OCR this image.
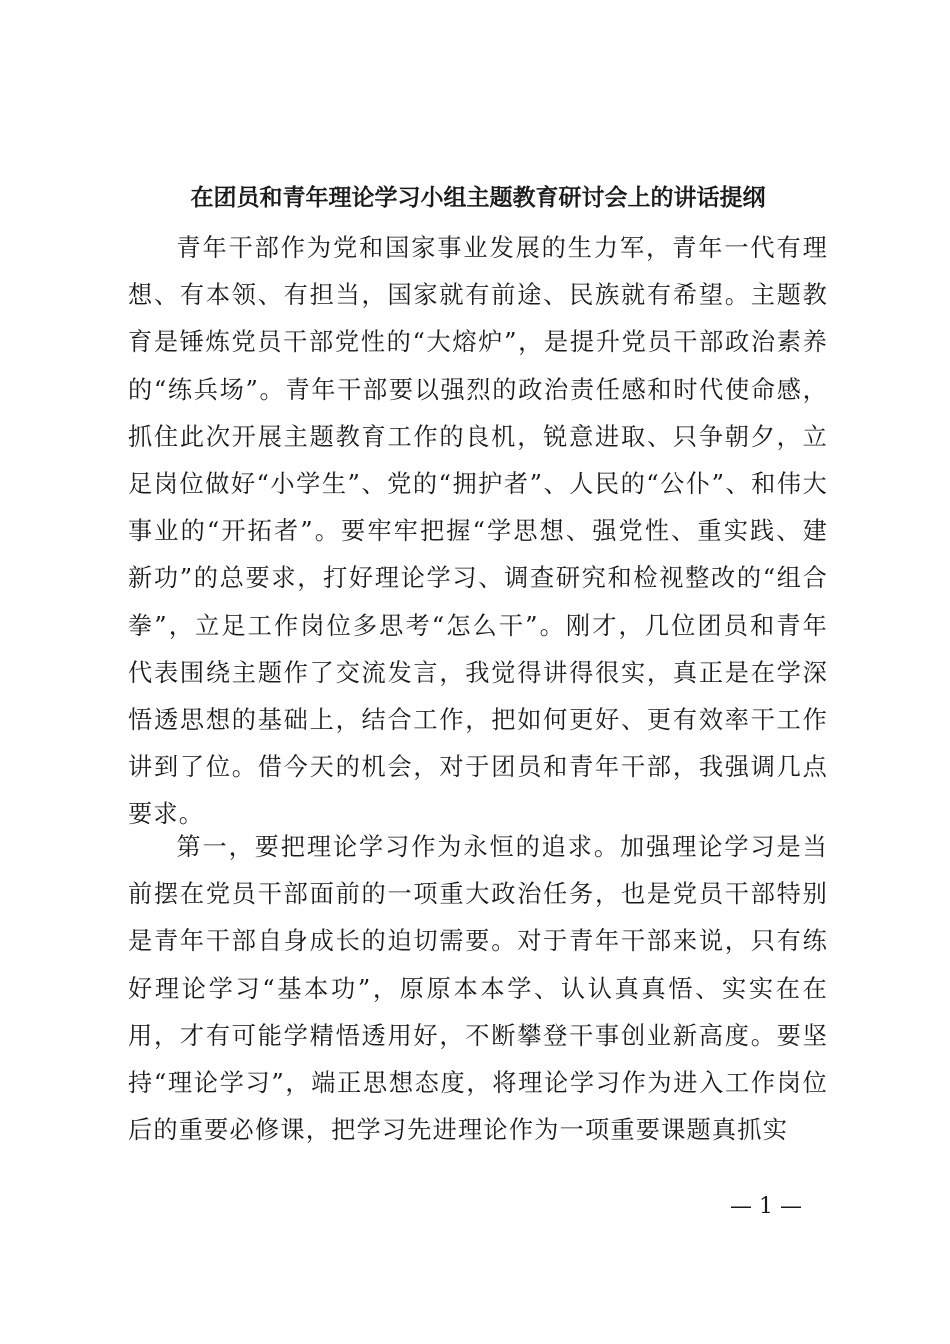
在团员和青年理论学习小组主题教育研讨会上的讲话提纲

青年干部作为党和国家事业发展的生力军，青年一代有理想、有本领、有担当，国家就有前途、民族就有希望。主题教育是锤炼党员干部党性的“大熔炉”，是提升党员干部政治素养的“练兵场”。青年干部要以强烈的政治责任感和时代使命感，抓住此次开展主题教育工作的良机，锐意进取、只争朝夕，立足岗位做好“小学生”、党的“拥护者”、人民的“公仆”、和伟大事业的“开拓者”。要牢牢把握“学思想、强党性、重实践、建新功”的总要求，打好理论学习、调查研究和检视整改的“组合拳”，立足工作岗位多思考“怎么干”。刚才，几位团员和青年代表围绕主题作了交流发言，我觉得讲得很实，真正是在学深悟透思想的基础上，结合工作，把如何更好、更有效率干工作讲到了位。借今天的机会，对于团员和青年干部，我强调几点要求。

第一，要把理论学习作为永恒的追求。加强理论学习是当前摆在党员干部面前的一项重大政治任务，也是党员干部特别是青年干部自身成长的迫切需要。对于青年干部来说，只有练好理论学习“基本功”，原原本本学、认认真真悟、实实在在用，才有可能学精悟透用好，不断攀登干事创业新高度。要坚持“理论学习”，端正思想态度，将理论学习作为进入工作岗位后的重要必修课，把学习先进理论作为一项重要课题真抓实

— 1 —
